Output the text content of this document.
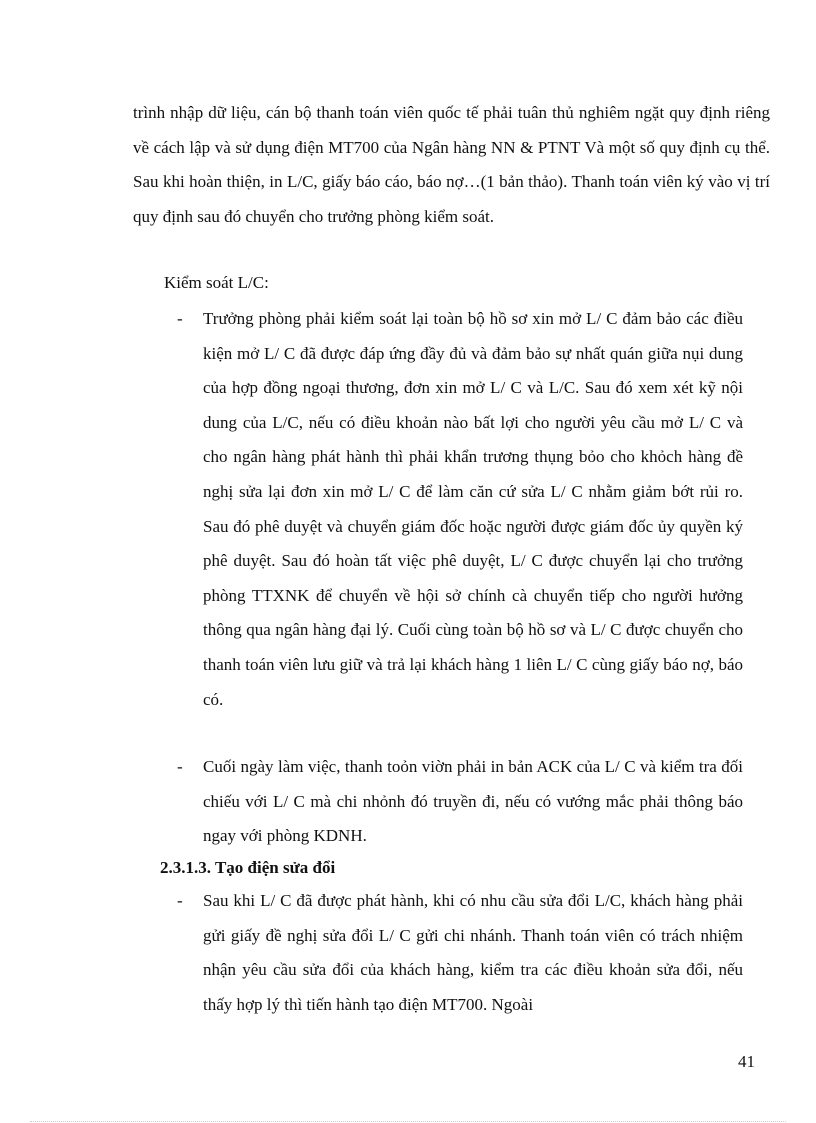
trình nhập dữ liệu, cán bộ thanh toán viên quốc tế phải tuân thủ nghiêm ngặt quy định riêng về cách lập và sử dụng điện MT700 của Ngân hàng NN & PTNT Và một số quy định cụ thể. Sau khi hoàn thiện, in L/C, giấy báo cáo, báo nợ…(1 bản thảo). Thanh toán viên ký vào vị trí quy định sau đó chuyển cho trưởng phòng kiểm soát.

Kiểm soát L/C:
- Trưởng phòng phải kiểm soát lại toàn bộ hồ sơ xin mở L/ C đảm bảo các điều kiện mở L/ C đã được đáp ứng đầy đủ và đảm bảo sự nhất quán giữa nụi dung của hợp đồng ngoại thương, đơn xin mở L/ C và L/C. Sau đó xem xét kỹ nội dung của L/C, nếu có điều khoản nào bất lợi cho người yêu cầu mở L/ C và cho ngân hàng phát hành thì phải khẩn trương thụng bỏo cho khỏch hàng đề nghị sửa lại đơn xin mở L/ C để làm căn cứ sửa L/ C nhằm giảm bớt rủi ro. Sau đó phê duyệt và chuyển giám đốc hoặc người được giám đốc ủy quyền ký phê duyệt. Sau đó hoàn tất việc phê duyệt, L/ C được chuyển lại cho trưởng phòng TTXNK để chuyển về hội sở chính cà chuyển tiếp cho người hưởng thông qua ngân hàng đại lý. Cuối cùng toàn bộ hồ sơ và L/ C được chuyển cho thanh toán viên lưu giữ và trả lại khách hàng 1 liên L/ C cùng giấy báo nợ, báo có.
- Cuối ngày làm việc, thanh toỏn viờn phải in bản ACK của L/ C và kiểm tra đối chiếu với L/ C mà chi nhỏnh đó truyền đi, nếu có vướng mắc phải thông báo ngay với phòng KDNH.
2.3.1.3. Tạo điện sửa đổi
- Sau khi L/ C đã được phát hành, khi có nhu cầu sửa đổi L/C, khách hàng phải gửi giấy đề nghị sửa đổi L/ C gửi chi nhánh. Thanh toán viên có trách nhiệm nhận yêu cầu sửa đổi của khách hàng, kiểm tra các điều khoản sửa đổi, nếu thấy hợp lý thì tiến hành tạo điện MT700. Ngoài
41
